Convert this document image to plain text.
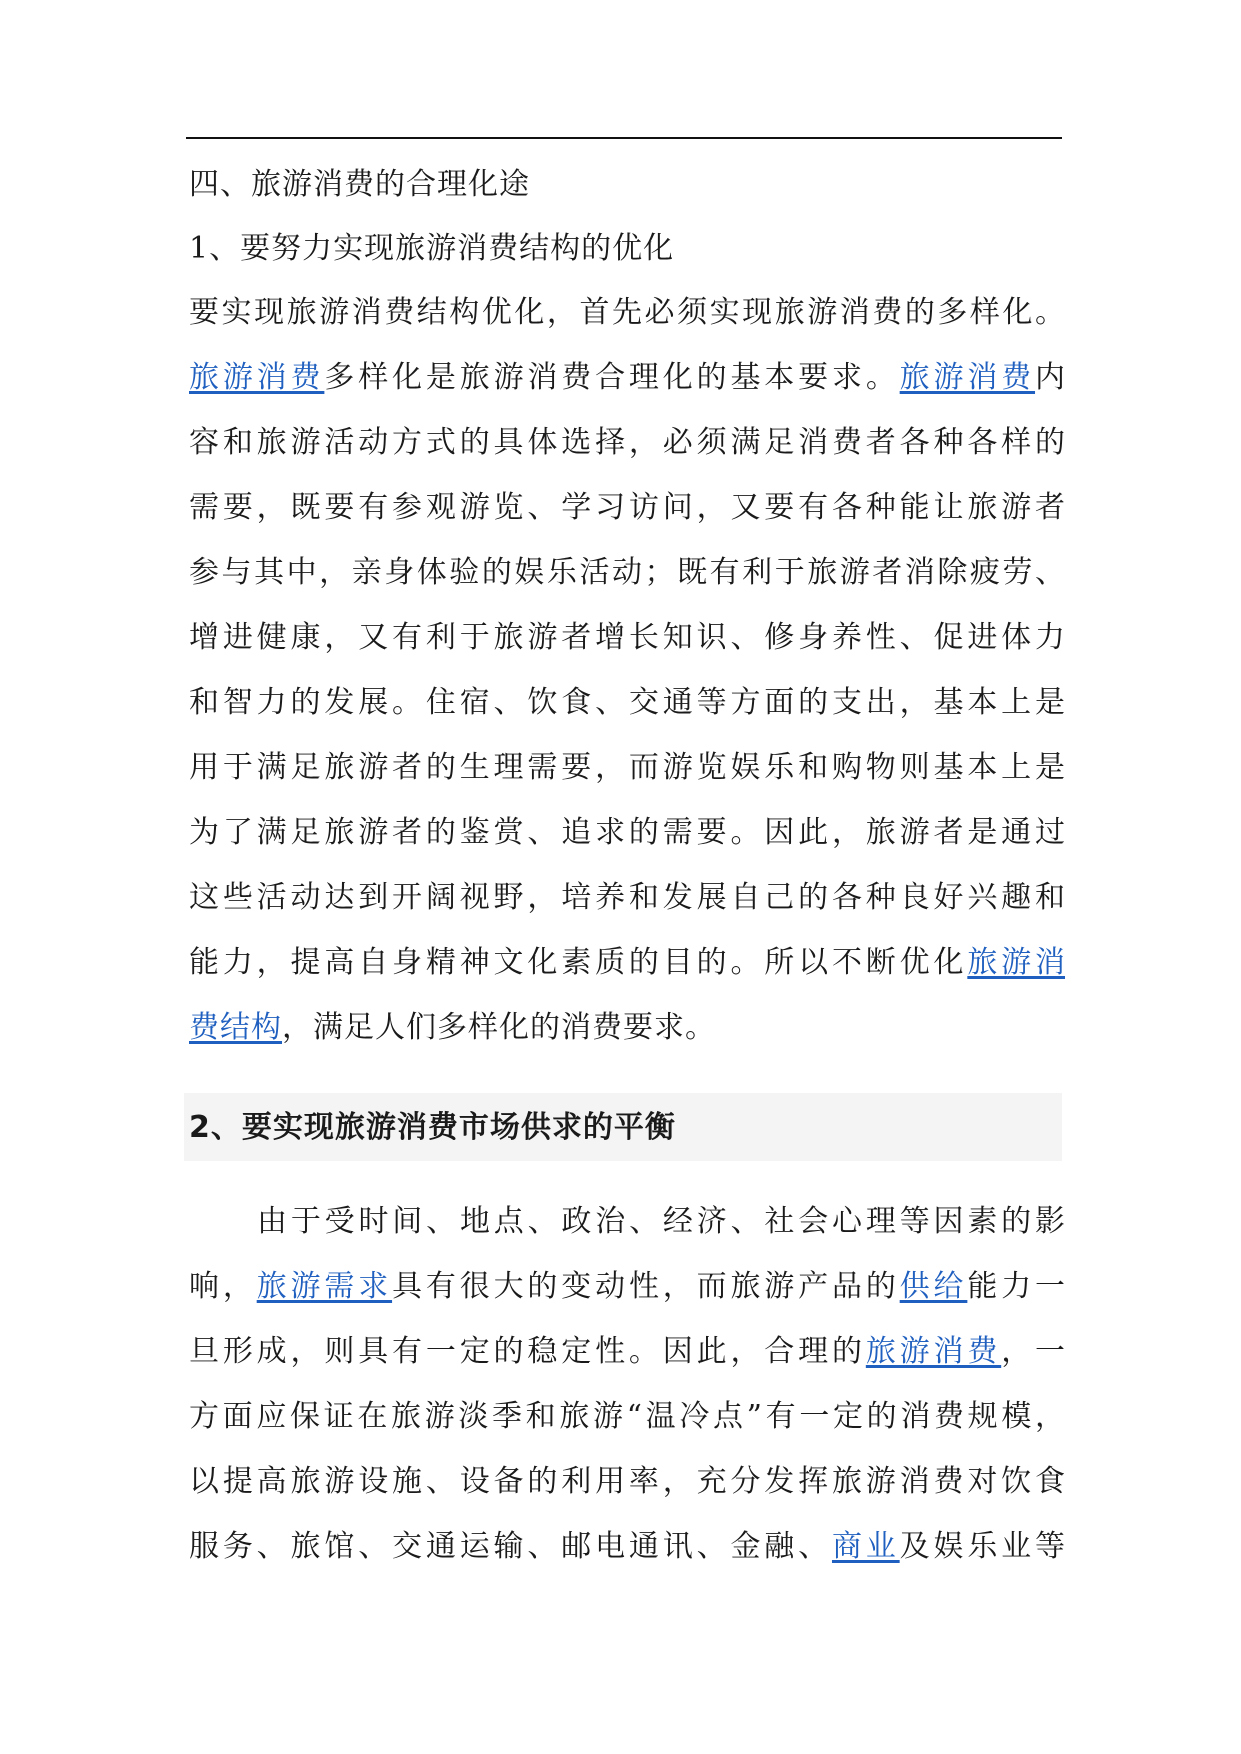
四、旅游消费的合理化途
1、要努力实现旅游消费结构的优化
要实现旅游消费结构优化，首先必须实现旅游消费的多样化。
旅游消费多样化是旅游消费合理化的基本要求。旅游消费内
容和旅游活动方式的具体选择，必须满足消费者各种各样的
需要，既要有参观游览、学习访问，又要有各种能让旅游者
参与其中，亲身体验的娱乐活动；既有利于旅游者消除疲劳、
增进健康，又有利于旅游者增长知识、修身养性、促进体力
和智力的发展。住宿、饮食、交通等方面的支出，基本上是
用于满足旅游者的生理需要，而游览娱乐和购物则基本上是
为了满足旅游者的鉴赏、追求的需要。因此，旅游者是通过
这些活动达到开阔视野，培养和发展自己的各种良好兴趣和
能力，提高自身精神文化素质的目的。所以不断优化旅游消
费结构，满足人们多样化的消费要求。
2、要实现旅游消费市场供求的平衡
由于受时间、地点、政治、经济、社会心理等因素的影
响，旅游需求具有很大的变动性，而旅游产品的供给能力一
旦形成，则具有一定的稳定性。因此，合理的旅游消费，一
方面应保证在旅游淡季和旅游“温冷点”有一定的消费规模，
以提高旅游设施、设备的利用率，充分发挥旅游消费对饮食
服务、旅馆、交通运输、邮电通讯、金融、商业及娱乐业等
